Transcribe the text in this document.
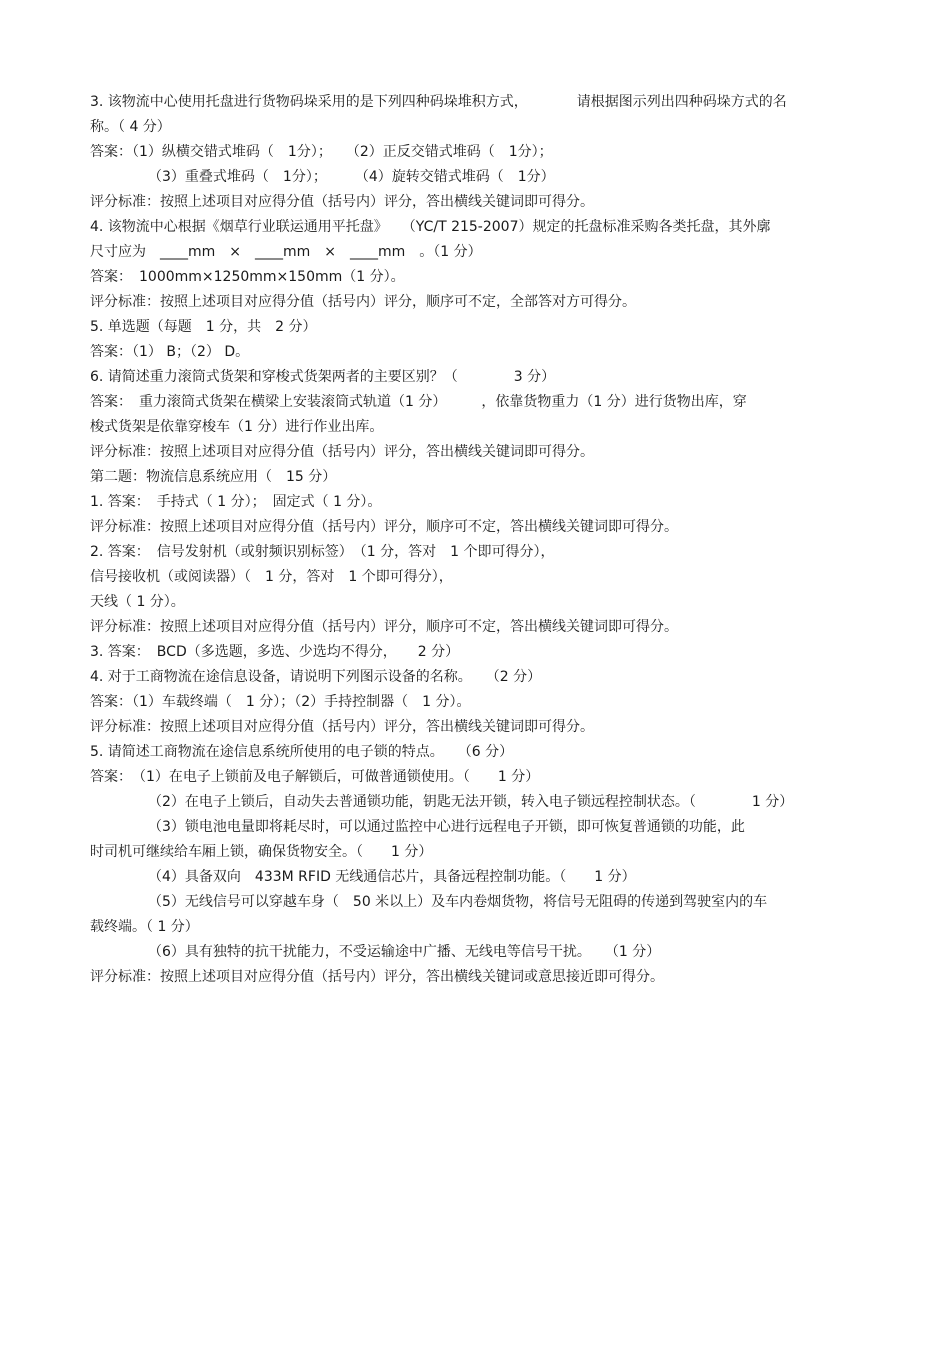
3. 该物流中心使用托盘进行货物码垛采用的是下列四种码垛堆积方式，　　　　请根据图示列出四种码垛方式的名
称。（ 4 分）
答案：（1）纵横交错式堆码（　1分）；　　（2）正反交错式堆码（　1分）；
（3）重叠式堆码（　1分）；　　　（4）旋转交错式堆码（　1分）
评分标准：按照上述项目对应得分值（括号内）评分，答出横线关键词即可得分。
4. 该物流中心根据《烟草行业联运通用平托盘》　　（YC/T 215-2007）规定的托盘标准采购各类托盘，其外廓
尺寸应为　____mm　×　____mm　×　____mm　。（1 分）
答案：　1000mm×1250mm×150mm（1 分）。
评分标准：按照上述项目对应得分值（括号内）评分，顺序可不定，全部答对方可得分。
5. 单选题（每题　1 分，共　2 分）
答案：（1） B；（2） D。
6. 请简述重力滚筒式货架和穿梭式货架两者的主要区别？（　　　　3 分）
答案：　重力滚筒式货架在横梁上安装滚筒式轨道（1 分）　　　，依靠货物重力（1 分）进行货物出库，穿
梭式货架是依靠穿梭车（1 分）进行作业出库。
评分标准：按照上述项目对应得分值（括号内）评分，答出横线关键词即可得分。
第二题：物流信息系统应用（　15 分）
1. 答案：　手持式（ 1 分）；　固定式（ 1 分）。
评分标准：按照上述项目对应得分值（括号内）评分，顺序可不定，答出横线关键词即可得分。
2. 答案：　信号发射机（或射频识别标签）　（1 分，答对　1 个即可得分），
信号接收机（或阅读器）（　1 分，答对　1 个即可得分），
天线（ 1 分）。
评分标准：按照上述项目对应得分值（括号内）评分，顺序可不定，答出横线关键词即可得分。
3. 答案：　BCD（多选题，多选、少选均不得分，　　2 分）
4. 对于工商物流在途信息设备，请说明下列图示设备的名称。　　（2 分）
答案：（1）车载终端（　1 分）；（2）手持控制器（　1 分）。
评分标准：按照上述项目对应得分值（括号内）评分，答出横线关键词即可得分。
5. 请简述工商物流在途信息系统所使用的电子锁的特点。　　（6 分）
答案：　（1）在电子上锁前及电子解锁后，可做普通锁使用。（　　1 分）
（2）在电子上锁后，自动失去普通锁功能，钥匙无法开锁，转入电子锁远程控制状态。（　　　　1 分）
（3）锁电池电量即将耗尽时，可以通过监控中心进行远程电子开锁，即可恢复普通锁的功能，此
时司机可继续给车厢上锁，确保货物安全。（　　1 分）
（4）具备双向　433M RFID 无线通信芯片，具备远程控制功能。（　　1 分）
（5）无线信号可以穿越车身（　50 米以上）及车内卷烟货物，将信号无阻碍的传递到驾驶室内的车
载终端。（ 1 分）
（6）具有独特的抗干扰能力，不受运输途中广播、无线电等信号干扰。　　（1 分）
评分标准：按照上述项目对应得分值（括号内）评分，答出横线关键词或意思接近即可得分。
